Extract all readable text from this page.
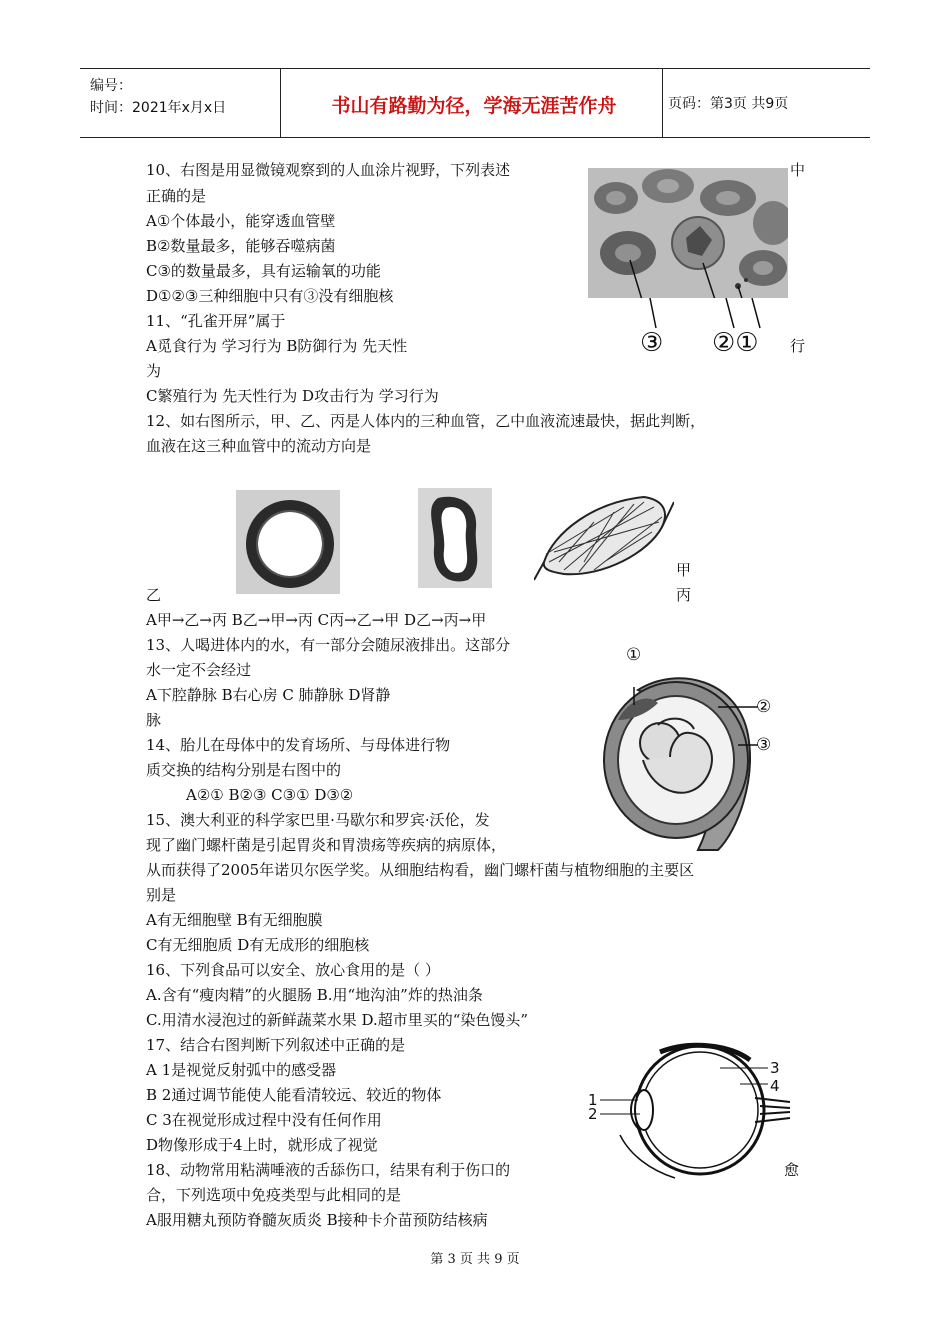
编号：
时间：2021年x月x日	书山有路勤为径，学海无涯苦作舟	页码：第3页 共9页
10、右图是用显微镜观察到的人血涂片视野，下列表述	中
正确的是
A①个体最小，能穿透血管壁
B②数量最多，能够吞噬病菌
C③的数量最多，具有运输氧的功能
D①②③三种细胞中只有③没有细胞核
11、“孔雀开屏”属于
A觅食行为 学习行为 B防御行为 先天性	行
为
C繁殖行为 先天性行为 D攻击行为 学习行为
12、如右图所示，甲、乙、丙是人体内的三种血管，乙中血液流速最快，据此判断，
血液在这三种血管中的流动方向是
甲
乙	丙
A甲→乙→丙 B乙→甲→丙 C丙→乙→甲 D乙→丙→甲
13、人喝进体内的水，有一部分会随尿液排出。这部分
水一定不会经过
A下腔静脉 B右心房 C 肺静脉 D肾静
脉
14、胎儿在母体中的发育场所、与母体进行物
质交换的结构分别是右图中的
A②① B②③ C③① D③②
15、澳大利亚的科学家巴里·马歇尔和罗宾·沃伦，发
现了幽门螺杆菌是引起胃炎和胃溃疡等疾病的病原体，
从而获得了2005年诺贝尔医学奖。从细胞结构看，幽门螺杆菌与植物细胞的主要区
别是
A有无细胞壁 B有无细胞膜
C有无细胞质 D有无成形的细胞核
16、下列食品可以安全、放心食用的是（ ）
A.含有“瘦肉精”的火腿肠 B.用“地沟油”炸的热油条
C.用清水浸泡过的新鲜蔬菜水果 D.超市里买的“染色馒头”
17、结合右图判断下列叙述中正确的是
A 1是视觉反射弧中的感受器
B 2通过调节能使人能看清较远、较近的物体
C 3在视觉形成过程中没有任何作用
D物像形成于4上时，就形成了视觉
18、动物常用粘满唾液的舌舔伤口，结果有利于伤口的	愈
合，下列选项中免疫类型与此相同的是
A服用糖丸预防脊髓灰质炎 B接种卡介苗预防结核病
③ ②①
①
②
③
3
4
1
2
第 3 页 共 9 页
